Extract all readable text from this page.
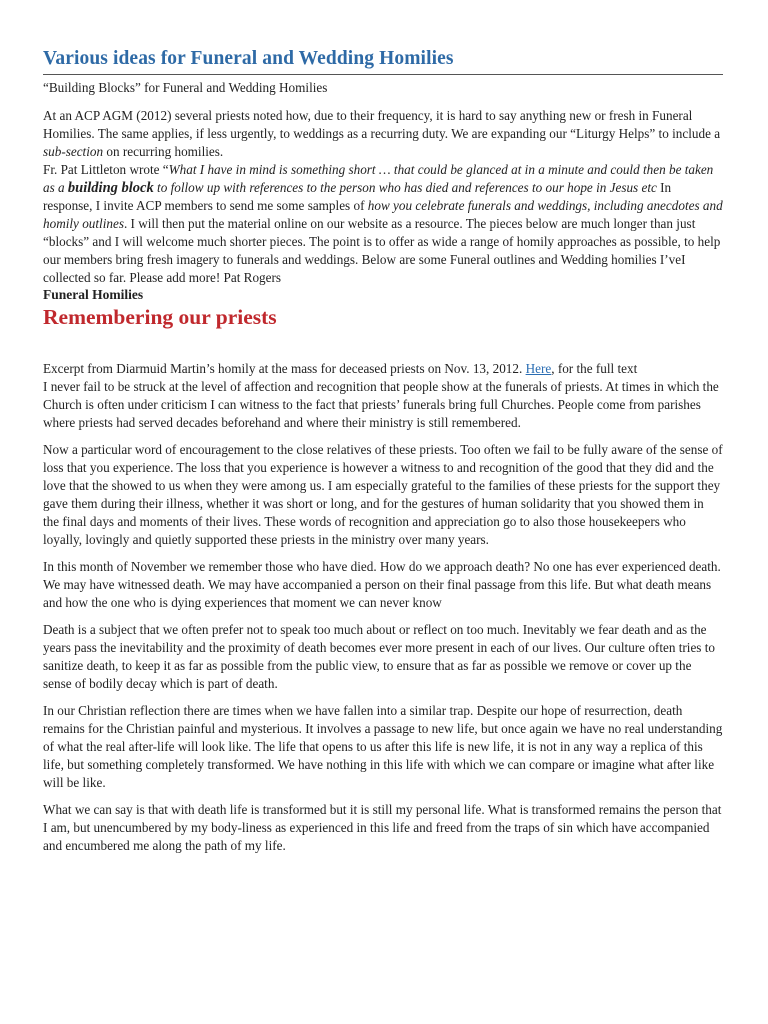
Various ideas for Funeral and Wedding Homilies

“Building Blocks” for Funeral and Wedding Homilies

At an ACP AGM (2012) several priests noted how, due to their frequency, it is hard to say anything new or fresh in Funeral Homilies. The same applies, if less urgently, to weddings as a recurring duty. We are expanding our “Liturgy Helps” to include a sub-section on recurring homilies.

Fr. Pat Littleton wrote “What I have in mind is something short … that could be glanced at in a minute and could then be taken as a building block to follow up with references to the person who has died and references to our hope in Jesus etc In response, I invite ACP members to send me some samples of how you celebrate funerals and weddings, including anecdotes and homily outlines. I will then put the material online on our website as a resource. The pieces below are much longer than just “blocks” and I will welcome much shorter pieces. The point is to offer as wide a range of homily approaches as possible, to help our members bring fresh imagery to funerals and weddings. Below are some Funeral outlines and Wedding homilies I’veI collected so far. Please add more! Pat Rogers

Funeral Homilies

Remembering our priests

Excerpt from Diarmuid Martin’s homily at the mass for deceased priests on Nov. 13, 2012. Here, for the full text
I never fail to be struck at the level of affection and recognition that people show at the funerals of priests. At times in which the Church is often under criticism I can witness to the fact that priests’ funerals bring full Churches. People come from parishes where priests had served decades beforehand and where their ministry is still remembered.

Now a particular word of encouragement to the close relatives of these priests. Too often we fail to be fully aware of the sense of loss that you experience. The loss that you experience is however a witness to and recognition of the good that they did and the love that the showed to us when they were among us. I am especially grateful to the families of these priests for the support they gave them during their illness, whether it was short or long, and for the gestures of human solidarity that you showed them in the final days and moments of their lives. These words of recognition and appreciation go to also those housekeepers who loyally, lovingly and quietly supported these priests in the ministry over many years.

In this month of November we remember those who have died. How do we approach death? No one has ever experienced death. We may have witnessed death. We may have accompanied a person on their final passage from this life. But what death means and how the one who is dying experiences that moment we can never know

Death is a subject that we often prefer not to speak too much about or reflect on too much. Inevitably we fear death and as the years pass the inevitability and the proximity of death becomes ever more present in each of our lives. Our culture often tries to sanitize death, to keep it as far as possible from the public view, to ensure that as far as possible we remove or cover up the sense of bodily decay which is part of death.

In our Christian reflection there are times when we have fallen into a similar trap. Despite our hope of resurrection, death remains for the Christian painful and mysterious. It involves a passage to new life, but once again we have no real understanding of what the real after-life will look like. The life that opens to us after this life is new life, it is not in any way a replica of this life, but something completely transformed. We have nothing in this life with which we can compare or imagine what after like will be like.

What we can say is that with death life is transformed but it is still my personal life. What is transformed remains the person that I am, but unencumbered by my body-liness as experienced in this life and freed from the traps of sin which have accompanied and encumbered me along the path of my life.
